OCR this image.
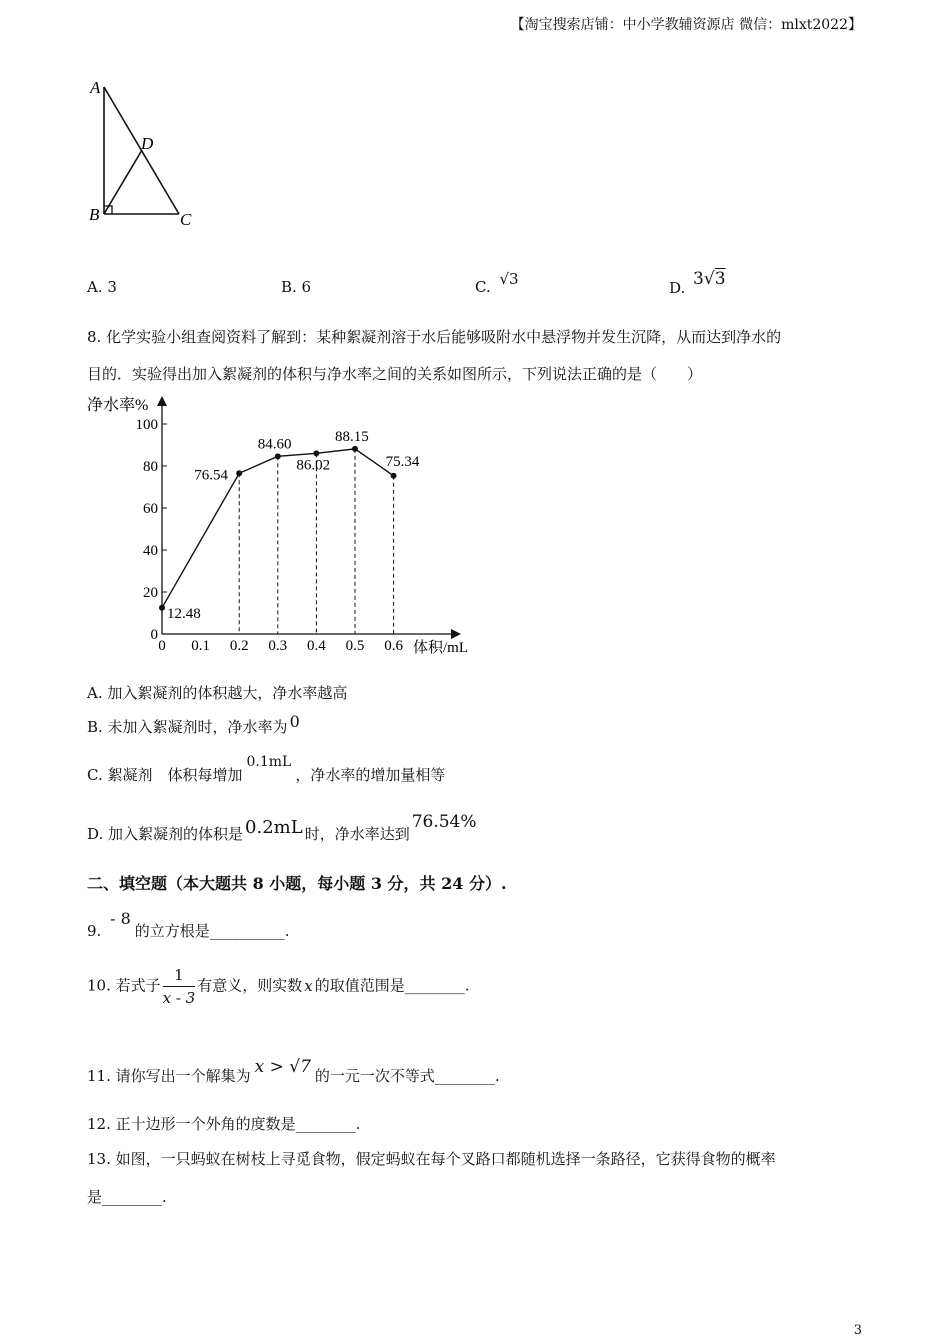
【淘宝搜索店铺：中小学教辅资源店 微信：mlxt2022】
A
D
B	C
A. 3	B. 6	C. √3	D. 3√3
8. 化学实验小组查阅资料了解到：某种絮凝剂溶于水后能够吸附水中悬浮物并发生沉降，从而达到净水的
目的．实验得出加入絮凝剂的体积与净水率之间的关系如图所示，下列说法正确的是（　　）
净水率%
体积/mL
0
20
40
60
80
100
0 0.1 0.2 0.3 0.4 0.5 0.6
12.48
76.54
84.60
86.02
88.15
75.34
A. 加入絮凝剂的体积越大，净水率越高
B. 未加入絮凝剂时，净水率为 0
C. 絮凝剂　体积每增加0.1mL，净水率的增加量相等
D. 加入絮凝剂的体积是 0.2mL 时，净水率达到76.54%
二、填空题（本大题共 8 小题，每小题 3 分，共 24 分）.
9. - 8的立方根是__________.
10. 若式子 $\frac{1}{x - 3}$ 有意义，则实数 x 的取值范围是________.
11. 请你写出一个解集为 x > √7 的一元一次不等式________.
12. 正十边形一个外角的度数是________.
13. 如图，一只蚂蚁在树枝上寻觅食物，假定蚂蚁在每个叉路口都随机选择一条路径，它获得食物的概率
是________.
3
